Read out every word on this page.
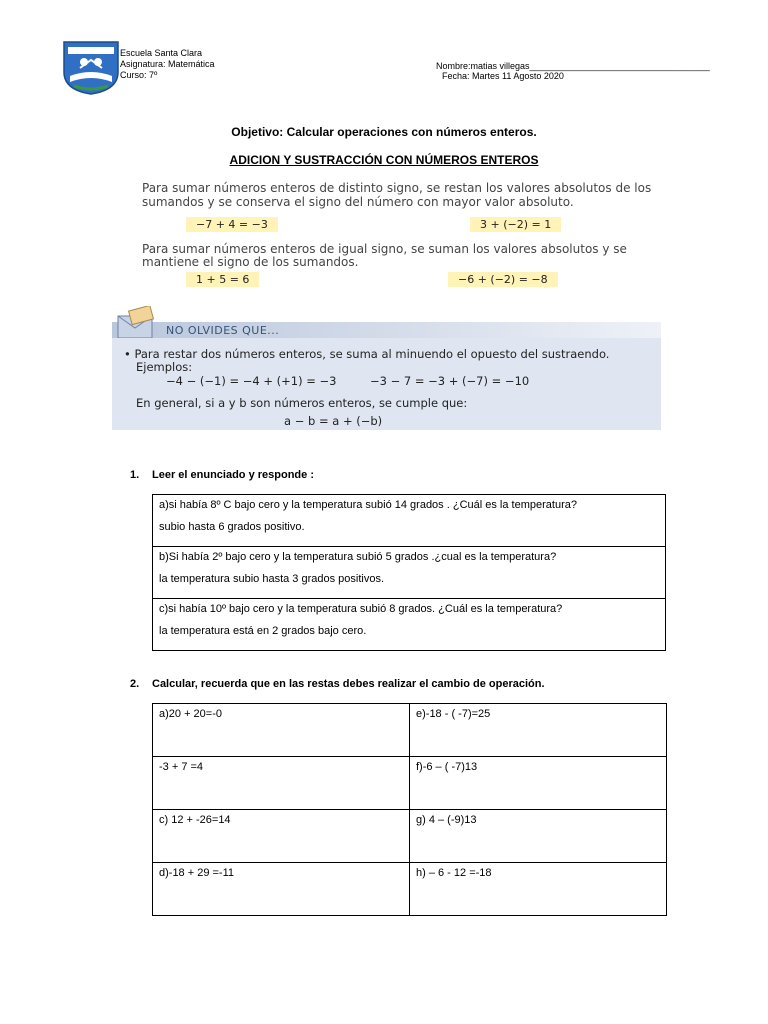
Escuela Santa Clara
Asignatura: Matemática
Curso: 7º
Nombre:matias villegas____________________________________
Fecha: Martes 11 Agosto 2020
Objetivo: Calcular operaciones con números enteros.
ADICION Y SUSTRACCIÓN CON NÚMEROS ENTEROS
Para sumar números enteros de distinto signo, se restan los valores absolutos de los
sumandos y se conserva el signo del número con mayor valor absoluto.
−7 + 4 = −3	3 + (−2) = 1
Para sumar números enteros de igual signo, se suman los valores absolutos y se
mantiene el signo de los sumandos.
1 + 5 = 6	−6 + (−2) = −8
NO OLVIDES QUE...
• Para restar dos números enteros, se suma al minuendo el opuesto del sustraendo.
Ejemplos:
−4 − (−1) = −4 + (+1) = −3	−3 − 7 = −3 + (−7) = −10
En general, si a y b son números enteros, se cumple que:
a − b = a + (−b)
1. Leer el enunciado y responde :

a)si había 8º C bajo cero y la temperatura subió 14 grados . ¿Cuál es la temperatura?

subio hasta 6 grados positivo.

b)Si había 2º bajo cero y la temperatura subió 5 grados .¿cual es la temperatura?

la temperatura subio hasta 3 grados positivos.

c)si había 10º bajo cero y la temperatura subió 8 grados. ¿Cuál es la temperatura?

la temperatura está en 2 grados bajo cero.

2. Calcular, recuerda que en las restas debes realizar el cambio de operación.
a)20 + 20=-0	e)-18 - ( -7)=25
-3 + 7 =4	f)-6 – ( -7)13
c) 12 + -26=14	g) 4 – (-9)13
d)-18 + 29 =-11	h) – 6 - 12 =-18
